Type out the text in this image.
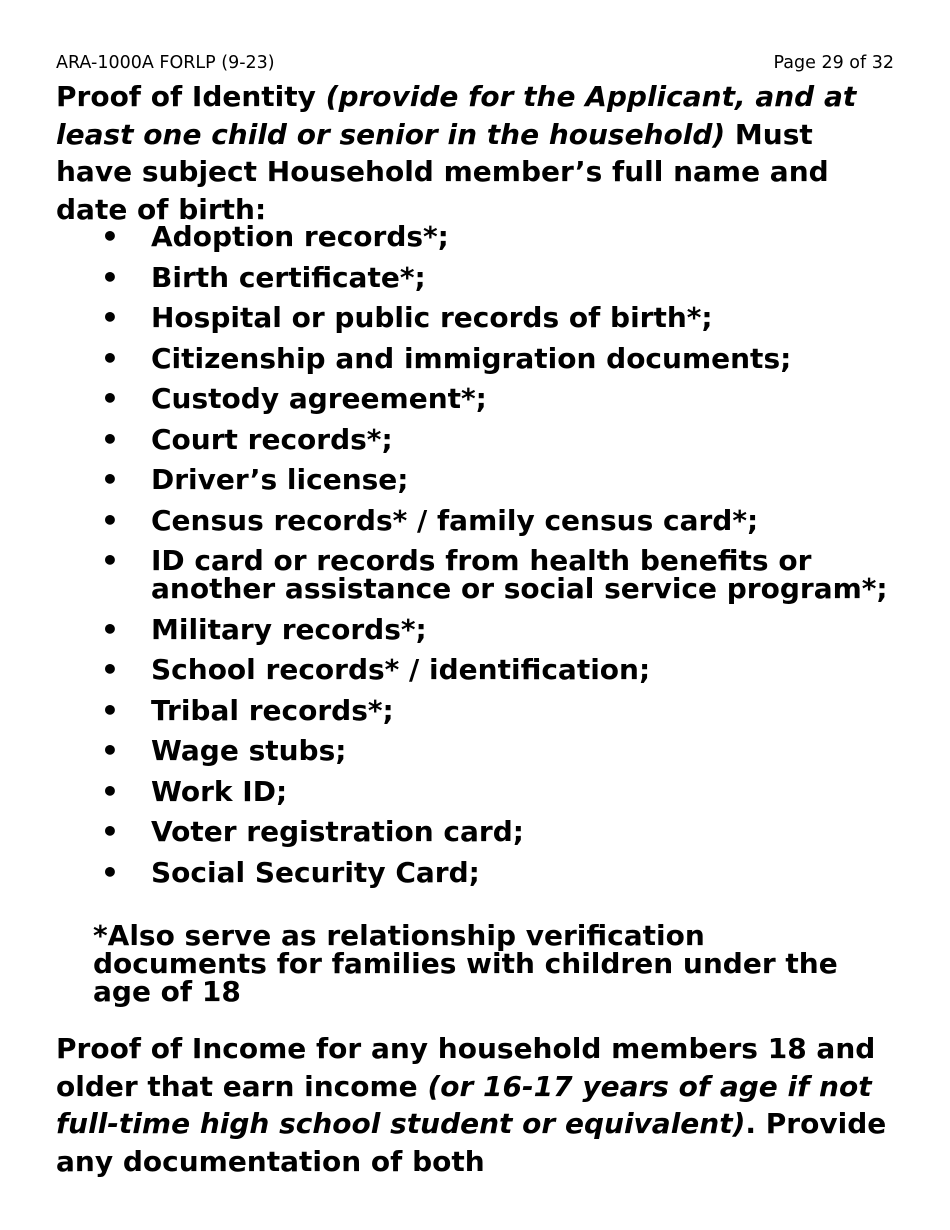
ARA-1000A FORLP (9-23)	Page 29 of 32

Proof of Identity (provide for the Applicant, and at least one child or senior in the household) Must have subject Household member’s full name and date of birth:

• Adoption records*;
• Birth certificate*;
• Hospital or public records of birth*;
• Citizenship and immigration documents;
• Custody agreement*;
• Court records*;
• Driver’s license;
• Census records* / family census card*;
• ID card or records from health benefits or another assistance or social service program*;
• Military records*;
• School records* / identification;
• Tribal records*;
• Wage stubs;
• Work ID;
• Voter registration card;
• Social Security Card;

*Also serve as relationship verification documents for families with children under the age of 18

Proof of Income for any household members 18 and older that earn income (or 16-17 years of age if not full-time high school student or equivalent). Provide any documentation of both
